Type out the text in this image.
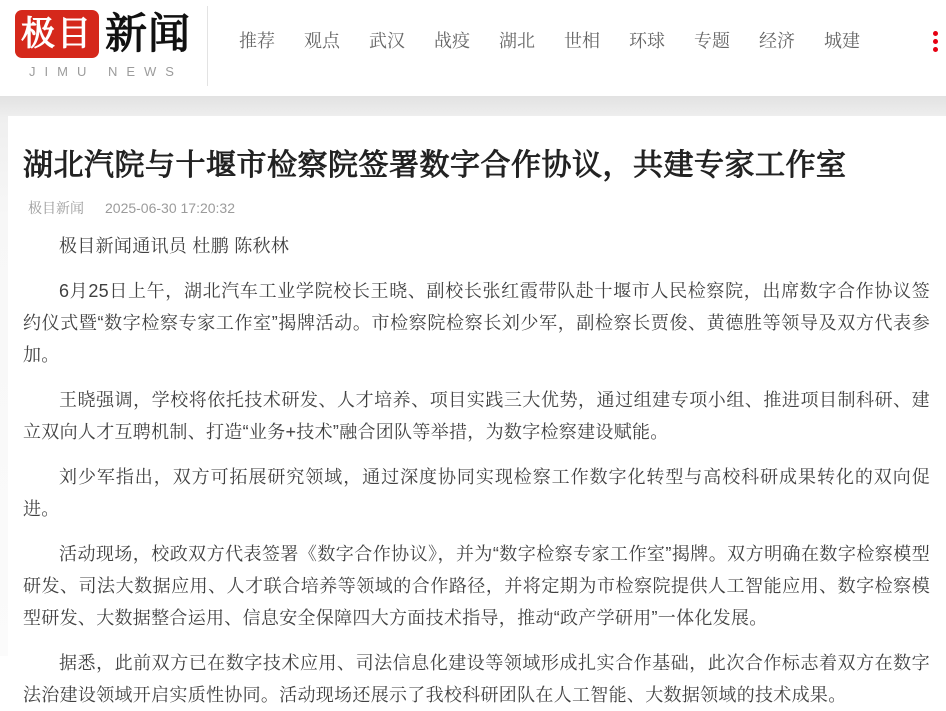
极目 新闻
JIMU NEWS
推荐 观点 武汉 战疫 湖北 世相 环球 专题 经济 城建
湖北汽院与十堰市检察院签署数字合作协议，共建专家工作室
极目新闻 2025-06-30 17:20:32

极目新闻通讯员 杜鹏 陈秋林

6月25日上午，湖北汽车工业学院校长王晓、副校长张红霞带队赴十堰市人民检察院，出席数字合作协议签约仪式暨“数字检察专家工作室”揭牌活动。市检察院检察长刘少军，副检察长贾俊、黄德胜等领导及双方代表参加。

王晓强调，学校将依托技术研发、人才培养、项目实践三大优势，通过组建专项小组、推进项目制科研、建立双向人才互聘机制、打造“业务+技术”融合团队等举措，为数字检察建设赋能。

刘少军指出，双方可拓展研究领域，通过深度协同实现检察工作数字化转型与高校科研成果转化的双向促进。

活动现场，校政双方代表签署《数字合作协议》，并为“数字检察专家工作室”揭牌。双方明确在数字检察模型研发、司法大数据应用、人才联合培养等领域的合作路径，并将定期为市检察院提供人工智能应用、数字检察模型研发、大数据整合运用、信息安全保障四大方面技术指导，推动“政产学研用”一体化发展。

据悉，此前双方已在数字技术应用、司法信息化建设等领域形成扎实合作基础，此次合作标志着双方在数字法治建设领域开启实质性协同。活动现场还展示了我校科研团队在人工智能、大数据领域的技术成果。
